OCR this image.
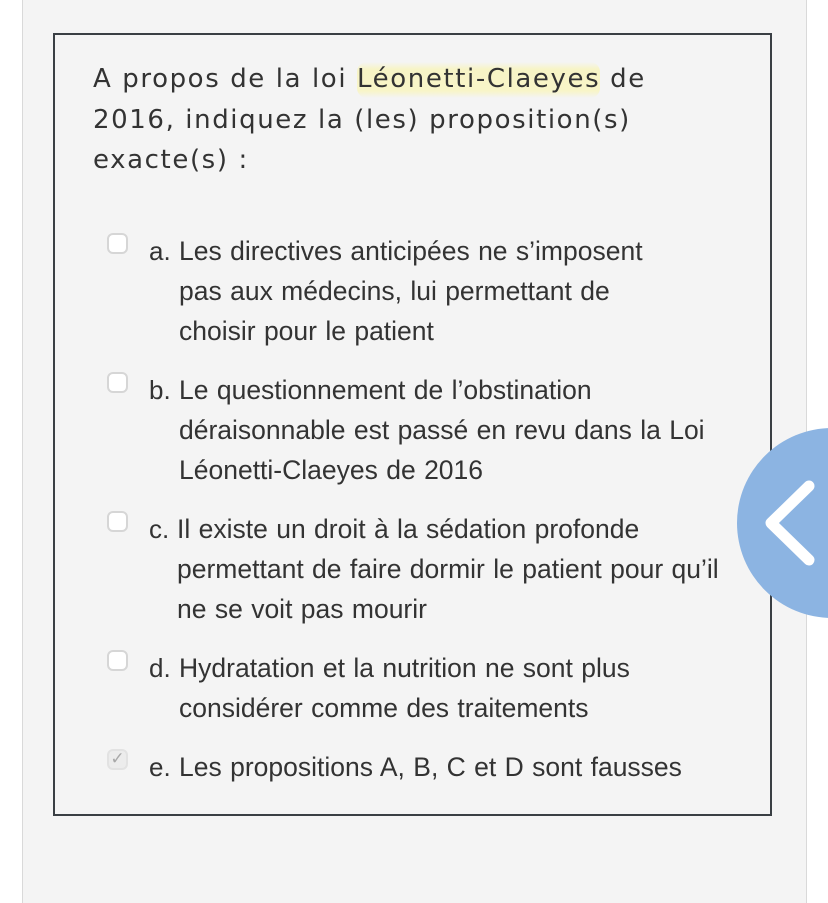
A propos de la loi Léonetti-Claeyes de 2016, indiquez la (les) proposition(s) exacte(s) :
a. Les directives anticipées ne s’imposent pas aux médecins, lui permettant de choisir pour le patient
b. Le questionnement de l’obstination déraisonnable est passé en revu dans la Loi Léonetti-Claeyes de 2016
c. Il existe un droit à la sédation profonde permettant de faire dormir le patient pour qu’il ne se voit pas mourir
d. Hydratation et la nutrition ne sont plus considérer comme des traitements
✓ e. Les propositions A, B, C et D sont fausses
